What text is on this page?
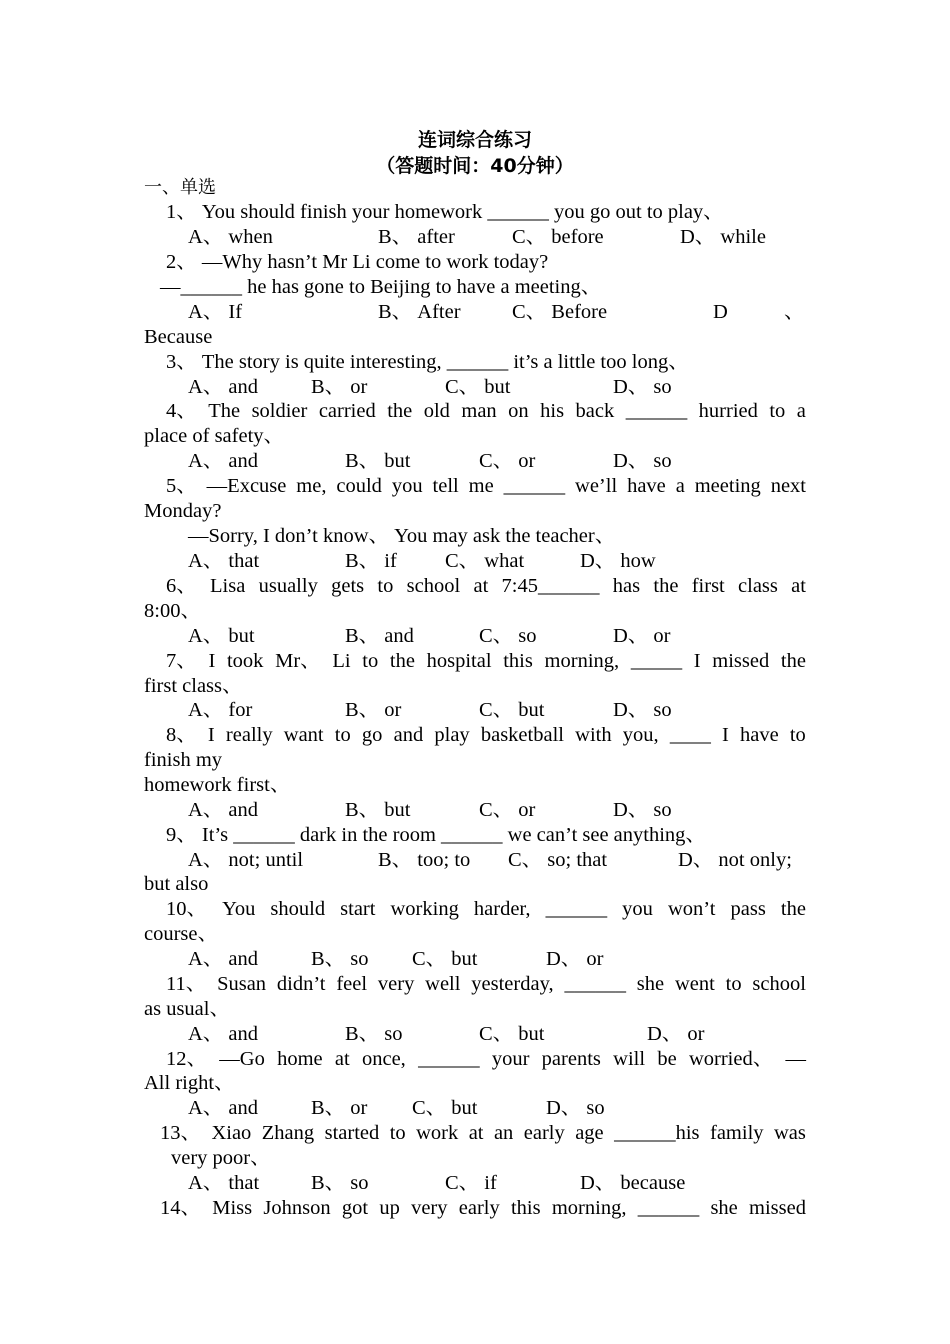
连词综合练习
（答题时间：40分钟）
一、单选
1、 You should finish your homework ______ you go out to play、
A、 when	B、 after	C、 before	D、 while
2、 —Why hasn’t Mr Li come to work today?
—______ he has gone to Beijing to have a meeting、
A、 If	B、 After	C、 Before	D	、
Because
3、 The story is quite interesting, ______ it’s a little too long、
A、 and	B、 or	C、 but	D、 so
4、 The soldier carried the old man on his back ______ hurried to a
place of safety、
A、 and	B、 but	C、 or	D、 so
5、 —Excuse me, could you tell me ______ we’ll have a meeting next
Monday?
—Sorry, I don’t know、 You may ask the teacher、
A、 that	B、 if C、 what	D、 how
6、 Lisa usually gets to school at 7:45______ has the first class at
8:00、
A、 but	B、 and	C、 so	D、 or
7、 I took Mr、 Li to the hospital this morning, _____ I missed the
first class、
A、 for	B、 or	C、 but	D、 so
8、 I really want to go and play basketball with you, ____ I have to
finish my
homework first、
A、 and	B、 but	C、 or	D、 so
9、 It’s ______ dark in the room ______ we can’t see anything、
A、 not; until	B、 too; to C、 so; that	D、 not only;
but also
10、 You should start working harder, ______ you won’t pass the
course、
A、 and	B、 so C、 but	D、 or
11、 Susan didn’t feel very well yesterday, ______ she went to school
as usual、
A、 and	B、 so	C、 but	D、 or
12、 —Go home at once, ______ your parents will be worried、 —
All right、
A、 and	B、 or C、 but	D、 so
13、 Xiao Zhang started to work at an early age ______his family was
very poor、
A、 that	B、 so	C、 if	D、 because
14、 Miss Johnson got up very early this morning, ______ she missed
